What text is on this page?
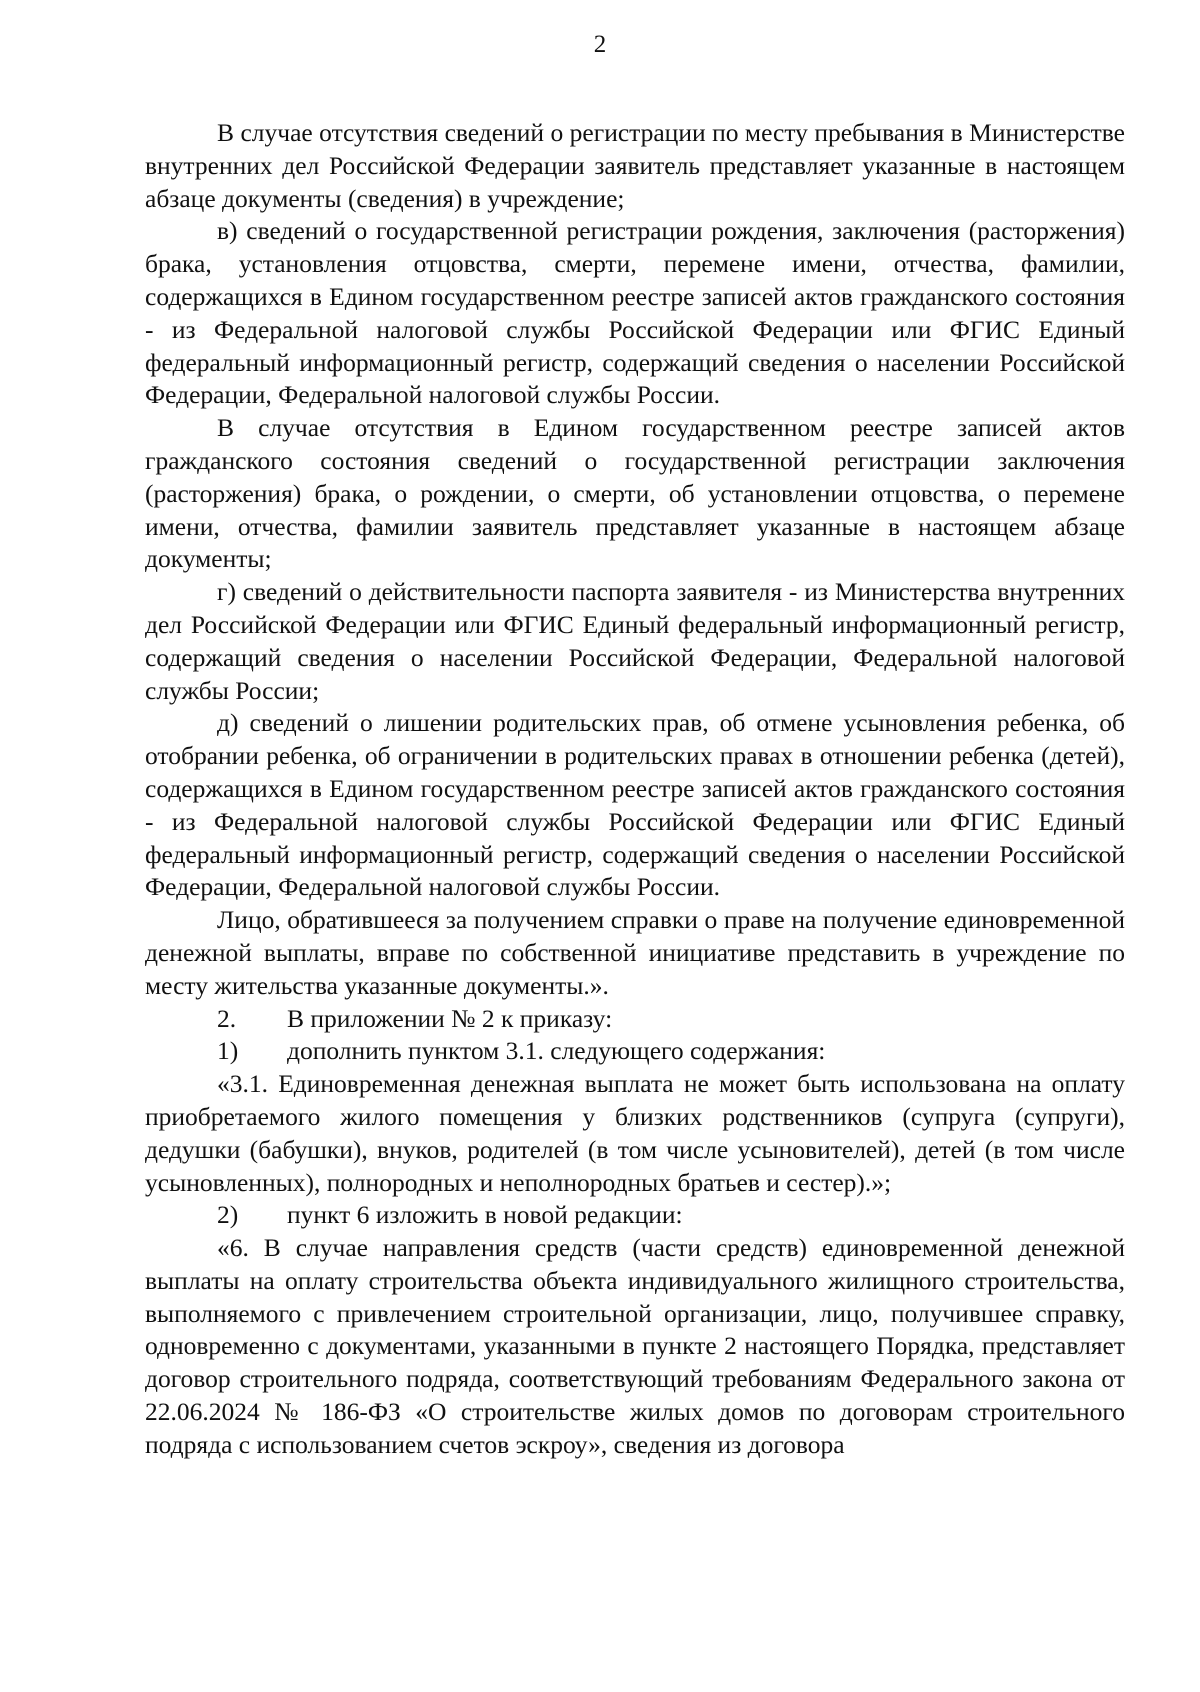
2

В случае отсутствия сведений о регистрации по месту пребывания в Министерстве внутренних дел Российской Федерации заявитель представляет указанные в настоящем абзаце документы (сведения) в учреждение;

в) сведений о государственной регистрации рождения, заключения (расторжения) брака, установления отцовства, смерти, перемене имени, отчества, фамилии, содержащихся в Едином государственном реестре записей актов гражданского состояния - из Федеральной налоговой службы Российской Федерации или ФГИС Единый федеральный информационный регистр, содержащий сведения о населении Российской Федерации, Федеральной налоговой службы России.

В случае отсутствия в Едином государственном реестре записей актов гражданского состояния сведений о государственной регистрации заключения (расторжения) брака, о рождении, о смерти, об установлении отцовства, о перемене имени, отчества, фамилии заявитель представляет указанные в настоящем абзаце документы;

г) сведений о действительности паспорта заявителя - из Министерства внутренних дел Российской Федерации или ФГИС Единый федеральный информационный регистр, содержащий сведения о населении Российской Федерации, Федеральной налоговой службы России;

д) сведений о лишении родительских прав, об отмене усыновления ребенка, об отобрании ребенка, об ограничении в родительских правах в отношении ребенка (детей), содержащихся в Едином государственном реестре записей актов гражданского состояния - из Федеральной налоговой службы Российской Федерации или ФГИС Единый федеральный информационный регистр, содержащий сведения о населении Российской Федерации, Федеральной налоговой службы России.

Лицо, обратившееся за получением справки о праве на получение единовременной денежной выплаты, вправе по собственной инициативе представить в учреждение по месту жительства указанные документы.».

2. В приложении № 2 к приказу:
1) дополнить пунктом 3.1. следующего содержания:

«3.1. Единовременная денежная выплата не может быть использована на оплату приобретаемого жилого помещения у близких родственников (супруга (супруги), дедушки (бабушки), внуков, родителей (в том числе усыновителей), детей (в том числе усыновленных), полнородных и неполнородных братьев и сестер).»;

2) пункт 6 изложить в новой редакции:

«6. В случае направления средств (части средств) единовременной денежной выплаты на оплату строительства объекта индивидуального жилищного строительства, выполняемого с привлечением строительной организации, лицо, получившее справку, одновременно с документами, указанными в пункте 2 настоящего Порядка, представляет договор строительного подряда, соответствующий требованиям Федерального закона от 22.06.2024 № 186-ФЗ «О строительстве жилых домов по договорам строительного подряда с использованием счетов эскроу», сведения из договора
